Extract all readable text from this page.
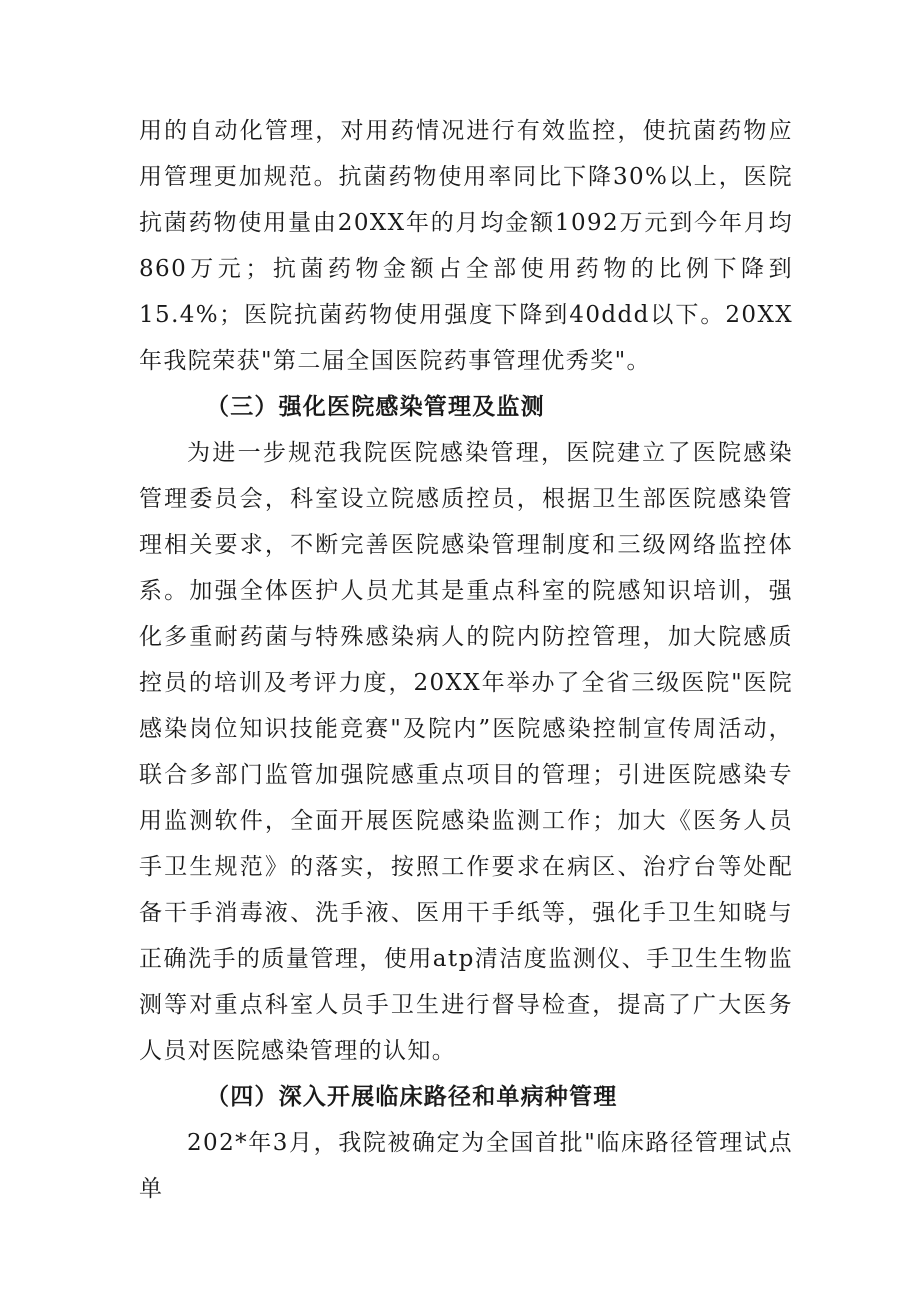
用的自动化管理，对用药情况进行有效监控，使抗菌药物应用管理更加规范。抗菌药物使用率同比下降30%以上，医院抗菌药物使用量由20XX年的月均金额1092万元到今年月均860万元；抗菌药物金额占全部使用药物的比例下降到15.4%；医院抗菌药物使用强度下降到40ddd以下。20XX年我院荣获"第二届全国医院药事管理优秀奖"。

（三）强化医院感染管理及监测

为进一步规范我院医院感染管理，医院建立了医院感染管理委员会，科室设立院感质控员，根据卫生部医院感染管理相关要求，不断完善医院感染管理制度和三级网络监控体系。加强全体医护人员尤其是重点科室的院感知识培训，强化多重耐药菌与特殊感染病人的院内防控管理，加大院感质控员的培训及考评力度，20XX年举办了全省三级医院"医院感染岗位知识技能竞赛"及院内”医院感染控制宣传周活动，联合多部门监管加强院感重点项目的管理；引进医院感染专用监测软件，全面开展医院感染监测工作；加大《医务人员手卫生规范》的落实，按照工作要求在病区、治疗台等处配备干手消毒液、洗手液、医用干手纸等，强化手卫生知晓与正确洗手的质量管理，使用atp清洁度监测仪、手卫生生物监测等对重点科室人员手卫生进行督导检查，提高了广大医务人员对医院感染管理的认知。

（四）深入开展临床路径和单病种管理

202*年3月，我院被确定为全国首批"临床路径管理试点单
